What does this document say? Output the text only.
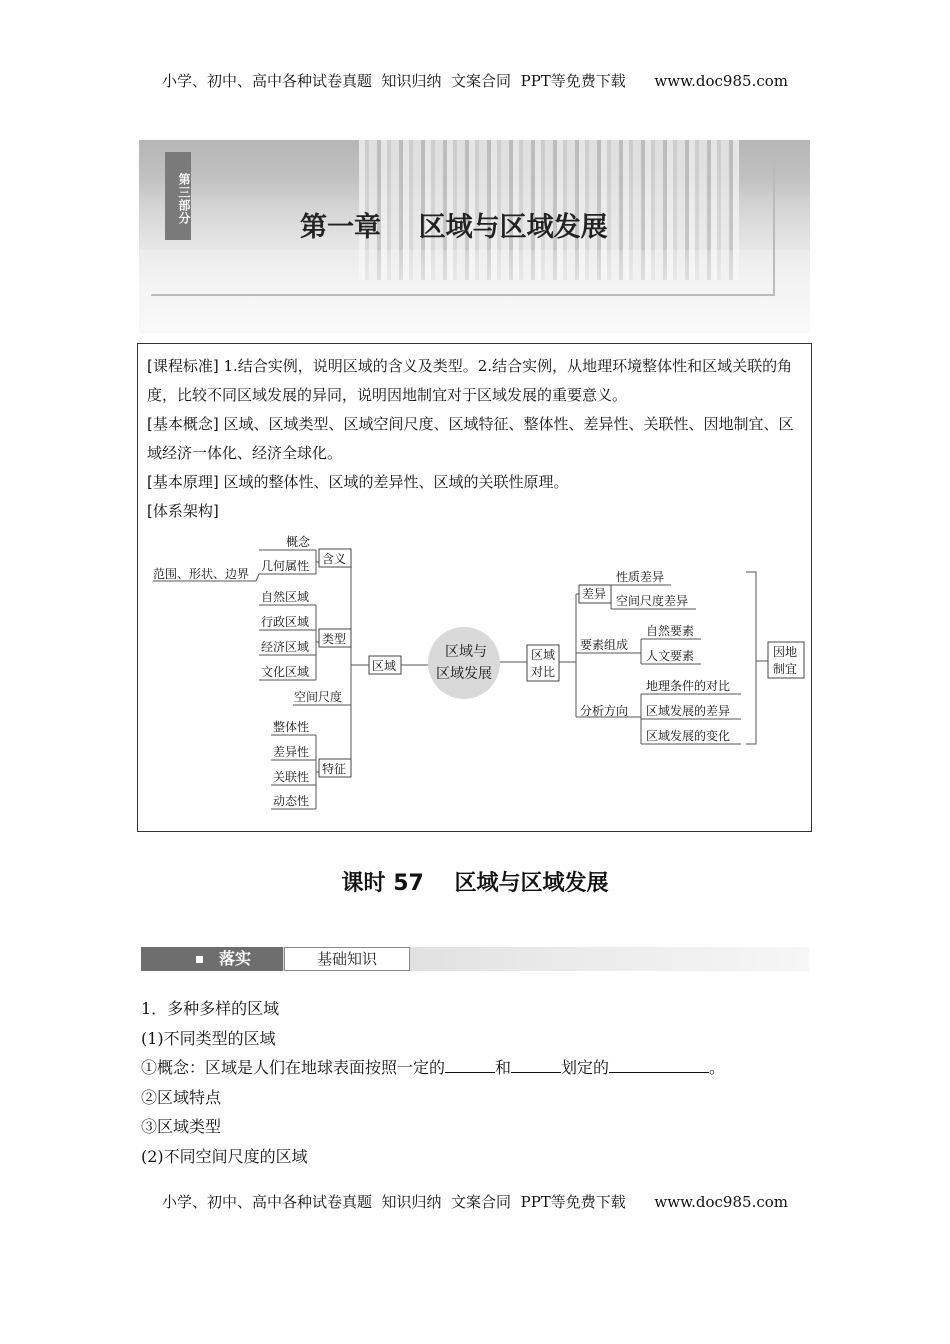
小学、初中、高中各种试卷真题  知识归纳  文案合同  PPT等免费下载      www.doc985.com
第三部分
第一章    区域与区域发展

[课程标准] 1.结合实例，说明区域的含义及类型。2.结合实例，从地理环境整体性和区域关联的角度，比较不同区域发展的异同，说明因地制宜对于区域发展的重要意义。

[基本概念] 区域、区域类型、区域空间尺度、区域特征、整体性、差异性、关联性、因地制宜、区域经济一体化、经济全球化。

[基本原理] 区域的整体性、区域的差异性、区域的关联性原理。

[体系架构]

概念
几何属性
范围、形状、边界
含义
自然区域
行政区域
经济区域
文化区域
类型
空间尺度
整体性
差异性
关联性
动态性
特征
区域
区域与
区域发展
区域
对比
差异
性质差异
空间尺度差异
要素组成
自然要素
人文要素
分析方向
地理条件的对比
区域发展的差异
区域发展的变化
因地
制宜
课时 57    区域与区域发展
落实	基础知识

1．多种多样的区域

(1)不同类型的区域

①概念：区域是人们在地球表面按照一定的	和	划定的	。

②区域特点

③区域类型

(2)不同空间尺度的区域

小学、初中、高中各种试卷真题  知识归纳  文案合同  PPT等免费下载      www.doc985.com
